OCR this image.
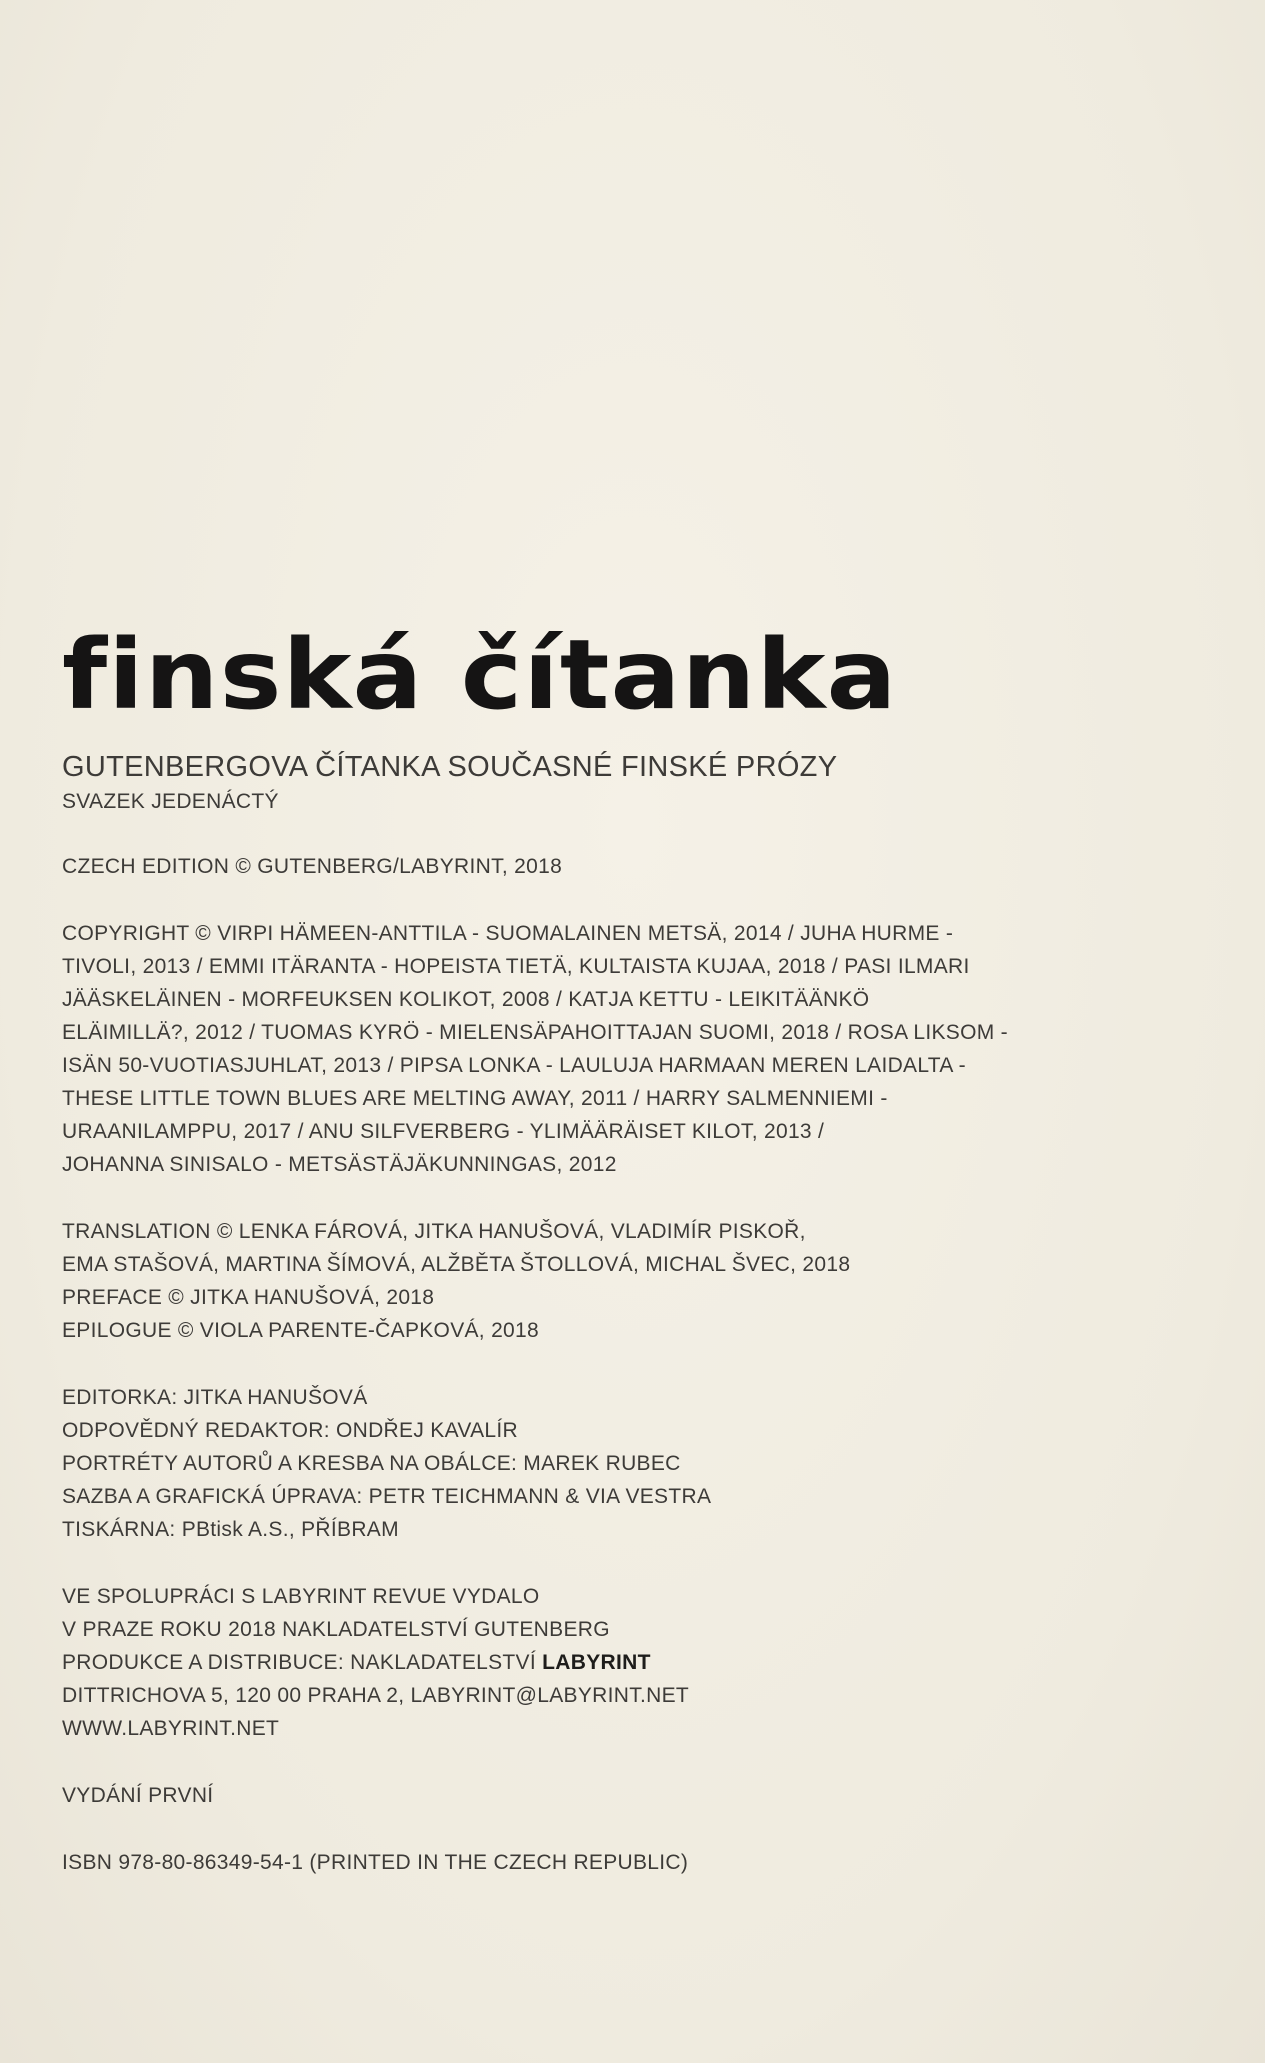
finská čítanka
GUTENBERGOVA ČÍTANKA SOUČASNÉ FINSKÉ PRÓZY
SVAZEK JEDENÁCTÝ
CZECH EDITION © GUTENBERG/LABYRINT, 2018
COPYRIGHT © VIRPI HÄMEEN-ANTTILA - SUOMALAINEN METSÄ, 2014 / JUHA HURME -
TIVOLI, 2013 / EMMI ITÄRANTA - HOPEISTA TIETÄ, KULTAISTA KUJAA, 2018 / PASI ILMARI
JÄÄSKELÄINEN - MORFEUKSEN KOLIKOT, 2008 / KATJA KETTU - LEIKITÄÄNKÖ
ELÄIMILLÄ?, 2012 / TUOMAS KYRÖ - MIELENSÄPAHOITTAJAN SUOMI, 2018 / ROSA LIKSOM -
ISÄN 50-VUOTIASJUHLAT, 2013 / PIPSA LONKA - LAULUJA HARMAAN MEREN LAIDALTA -
THESE LITTLE TOWN BLUES ARE MELTING AWAY, 2011 / HARRY SALMENNIEMI -
URAANILAMPPU, 2017 / ANU SILFVERBERG - YLIMÄÄRÄISET KILOT, 2013 /
JOHANNA SINISALO - METSÄSTÄJÄKUNNINGAS, 2012
TRANSLATION © LENKA FÁROVÁ, JITKA HANUŠOVÁ, VLADIMÍR PISKOŘ,
EMA STAŠOVÁ, MARTINA ŠÍMOVÁ, ALŽBĚTA ŠTOLLOVÁ, MICHAL ŠVEC, 2018
PREFACE © JITKA HANUŠOVÁ, 2018
EPILOGUE © VIOLA PARENTE-ČAPKOVÁ, 2018
EDITORKA: JITKA HANUŠOVÁ
ODPOVĚDNÝ REDAKTOR: ONDŘEJ KAVALÍR
PORTRÉTY AUTORŮ A KRESBA NA OBÁLCE: MAREK RUBEC
SAZBA A GRAFICKÁ ÚPRAVA: PETR TEICHMANN & VIA VESTRA
TISKÁRNA: PBtisk A.S., PŘÍBRAM
VE SPOLUPRÁCI S LABYRINT REVUE VYDALO
V PRAZE ROKU 2018 NAKLADATELSTVÍ GUTENBERG
PRODUKCE A DISTRIBUCE: NAKLADATELSTVÍ LABYRINT
DITTRICHOVA 5, 120 00 PRAHA 2, LABYRINT@LABYRINT.NET
WWW.LABYRINT.NET
VYDÁNÍ PRVNÍ
ISBN 978-80-86349-54-1 (PRINTED IN THE CZECH REPUBLIC)
